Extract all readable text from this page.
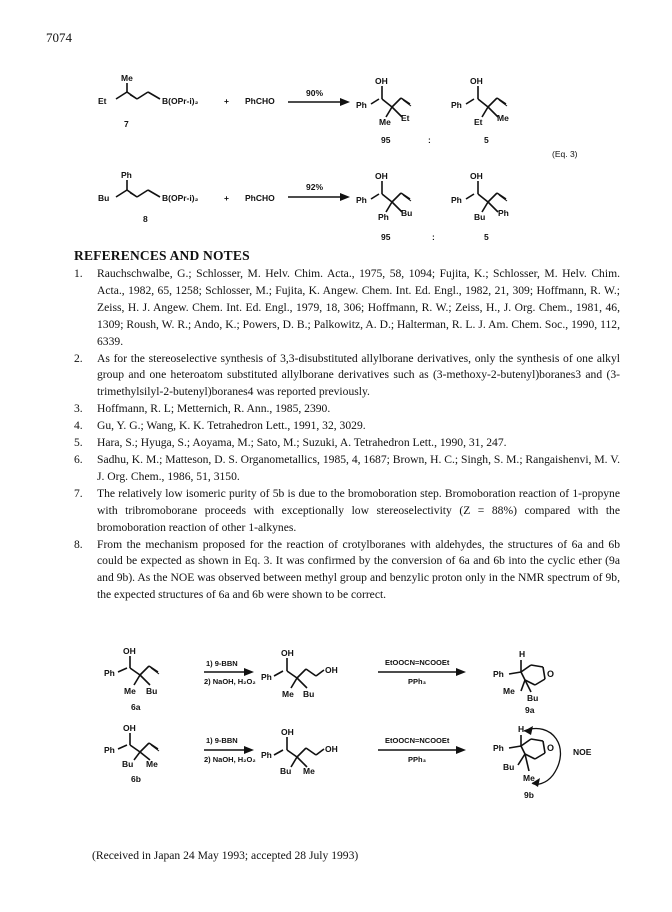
7074
Me
Et	B(OPr-i)₂	+ PhCHO
90%
7
OH
Ph
Me Et
OH
Ph
Et Me
95	:	5
(Eq. 3)
Ph
Bu	B(OPr-i)₂	+ PhCHO
92%
8
OH
Ph
Ph Bu
OH
Ph
Bu Ph
95	:	5
REFERENCES AND NOTES
1.	Rauchschwalbe, G.; Schlosser, M. Helv. Chim. Acta., 1975, 58, 1094; Fujita, K.; Schlosser, M. Helv. Chim. Acta., 1982, 65, 1258; Schlosser, M.; Fujita, K. Angew. Chem. Int. Ed. Engl., 1982, 21, 309; Hoffmann, R. W.; Zeiss, H. J. Angew. Chem. Int. Ed. Engl., 1979, 18, 306; Hoffmann, R. W.; Zeiss, H., J. Org. Chem., 1981, 46, 1309; Roush, W. R.; Ando, K.; Powers, D. B.; Palkowitz, A. D.; Halterman, R. L. J. Am. Chem. Soc., 1990, 112, 6339.
2.	As for the stereoselective synthesis of 3,3-disubstituted allylborane derivatives, only the synthesis of one alkyl group and one heteroatom substituted allylborane derivatives such as (3-methoxy-2-butenyl)boranes3 and (3-trimethylsilyl-2-butenyl)boranes4 was reported previously.
3.	Hoffmann, R. L; Metternich, R. Ann., 1985, 2390.
4.	Gu, Y. G.; Wang, K. K. Tetrahedron Lett., 1991, 32, 3029.
5.	Hara, S.; Hyuga, S.; Aoyama, M.; Sato, M.; Suzuki, A. Tetrahedron Lett., 1990, 31, 247.
6.	Sadhu, K. M.; Matteson, D. S. Organometallics, 1985, 4, 1687; Brown, H. C.; Singh, S. M.; Rangaishenvi, M. V. J. Org. Chem., 1986, 51, 3150.
7.	The relatively low isomeric purity of 5b is due to the bromoboration step. Bromoboration reaction of 1-propyne with tribromoborane proceeds with exceptionally low stereoselectivity (Z = 88%) compared with the bromoboration reaction of other 1-alkynes.
8.	From the mechanism proposed for the reaction of crotylboranes with aldehydes, the structures of 6a and 6b could be expected as shown in Eq. 3. It was confirmed by the conversion of 6a and 6b into the cyclic ether (9a and 9b). As the NOE was observed between methyl group and benzylic proton only in the NMR spectrum of 9b, the expected structures of 6a and 6b were shown to be correct.
OH
Ph
Me Bu
6a
1) 9-BBN
2) NaOH, H₂O₂
OH
Ph
OH
Me Bu
EtOOCN=NCOOEt
PPh₃
H
Ph	O
Me
Bu
9a
OH
Ph
Bu Me
6b
1) 9-BBN
2) NaOH, H₂O₂
OH
Ph
OH
Bu Me
EtOOCN=NCOOEt
PPh₃
H
Ph	O
Bu
Me
NOE
9b
(Received in Japan 24 May 1993; accepted 28 July 1993)
